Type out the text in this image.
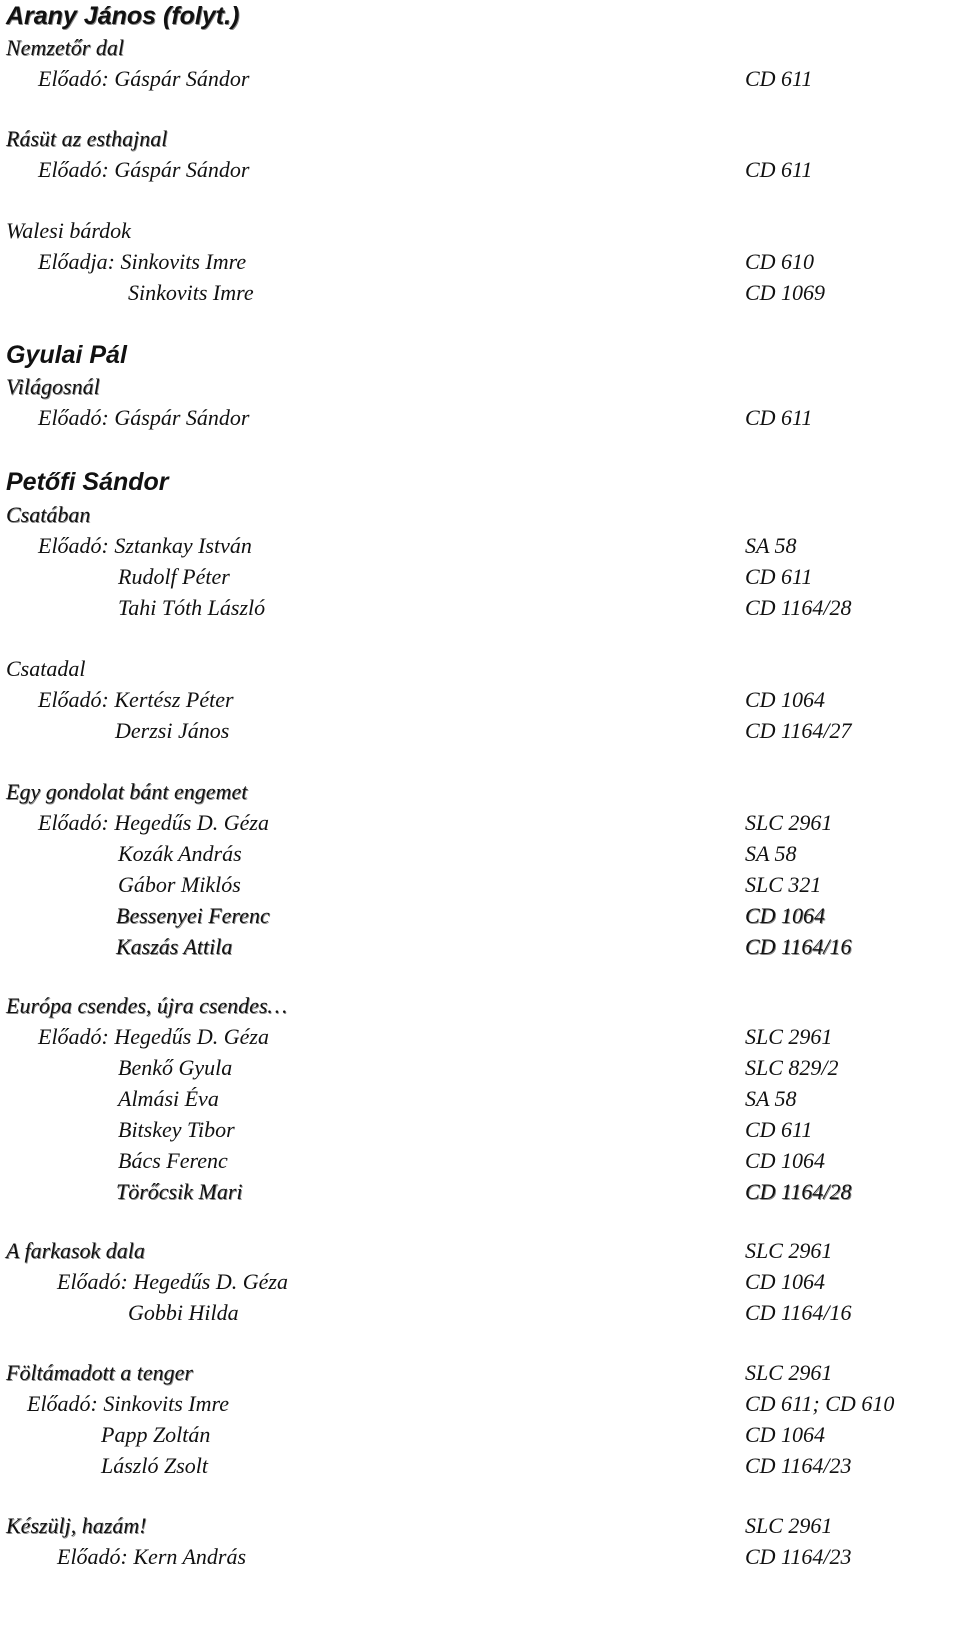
Arany János (folyt.)
Nemzetőr dal
Előadó: Gáspár Sándor	CD 611
Rásüt az esthajnal
Előadó: Gáspár Sándor	CD 611
Walesi bárdok
Előadja: Sinkovits Imre	CD 610
Sinkovits Imre	CD 1069
Gyulai Pál
Világosnál
Előadó: Gáspár Sándor	CD 611
Petőfi Sándor
Csatában
Előadó: Sztankay István	SA 58
Rudolf Péter	CD 611
Tahi Tóth László	CD 1164/28
Csatadal
Előadó: Kertész Péter	CD 1064
Derzsi János	CD 1164/27
Egy gondolat bánt engemet
Előadó: Hegedűs D. Géza	SLC 2961
Kozák András	SA 58
Gábor Miklós	SLC 321
Bessenyei Ferenc	CD 1064
Kaszás Attila	CD 1164/16
Európa csendes, újra csendes…
Előadó: Hegedűs D. Géza	SLC 2961
Benkő Gyula	SLC 829/2
Almási Éva	SA 58
Bitskey Tibor	CD 611
Bács Ferenc	CD 1064
Törőcsik Mari	CD 1164/28
A farkasok dala	SLC 2961
Előadó: Hegedűs D. Géza	CD 1064
Gobbi Hilda	CD 1164/16
Föltámadott a tenger	SLC 2961
Előadó: Sinkovits Imre	CD 611; CD 610
Papp Zoltán	CD 1064
László Zsolt	CD 1164/23
Készülj, hazám!	SLC 2961
Előadó: Kern András	CD 1164/23
